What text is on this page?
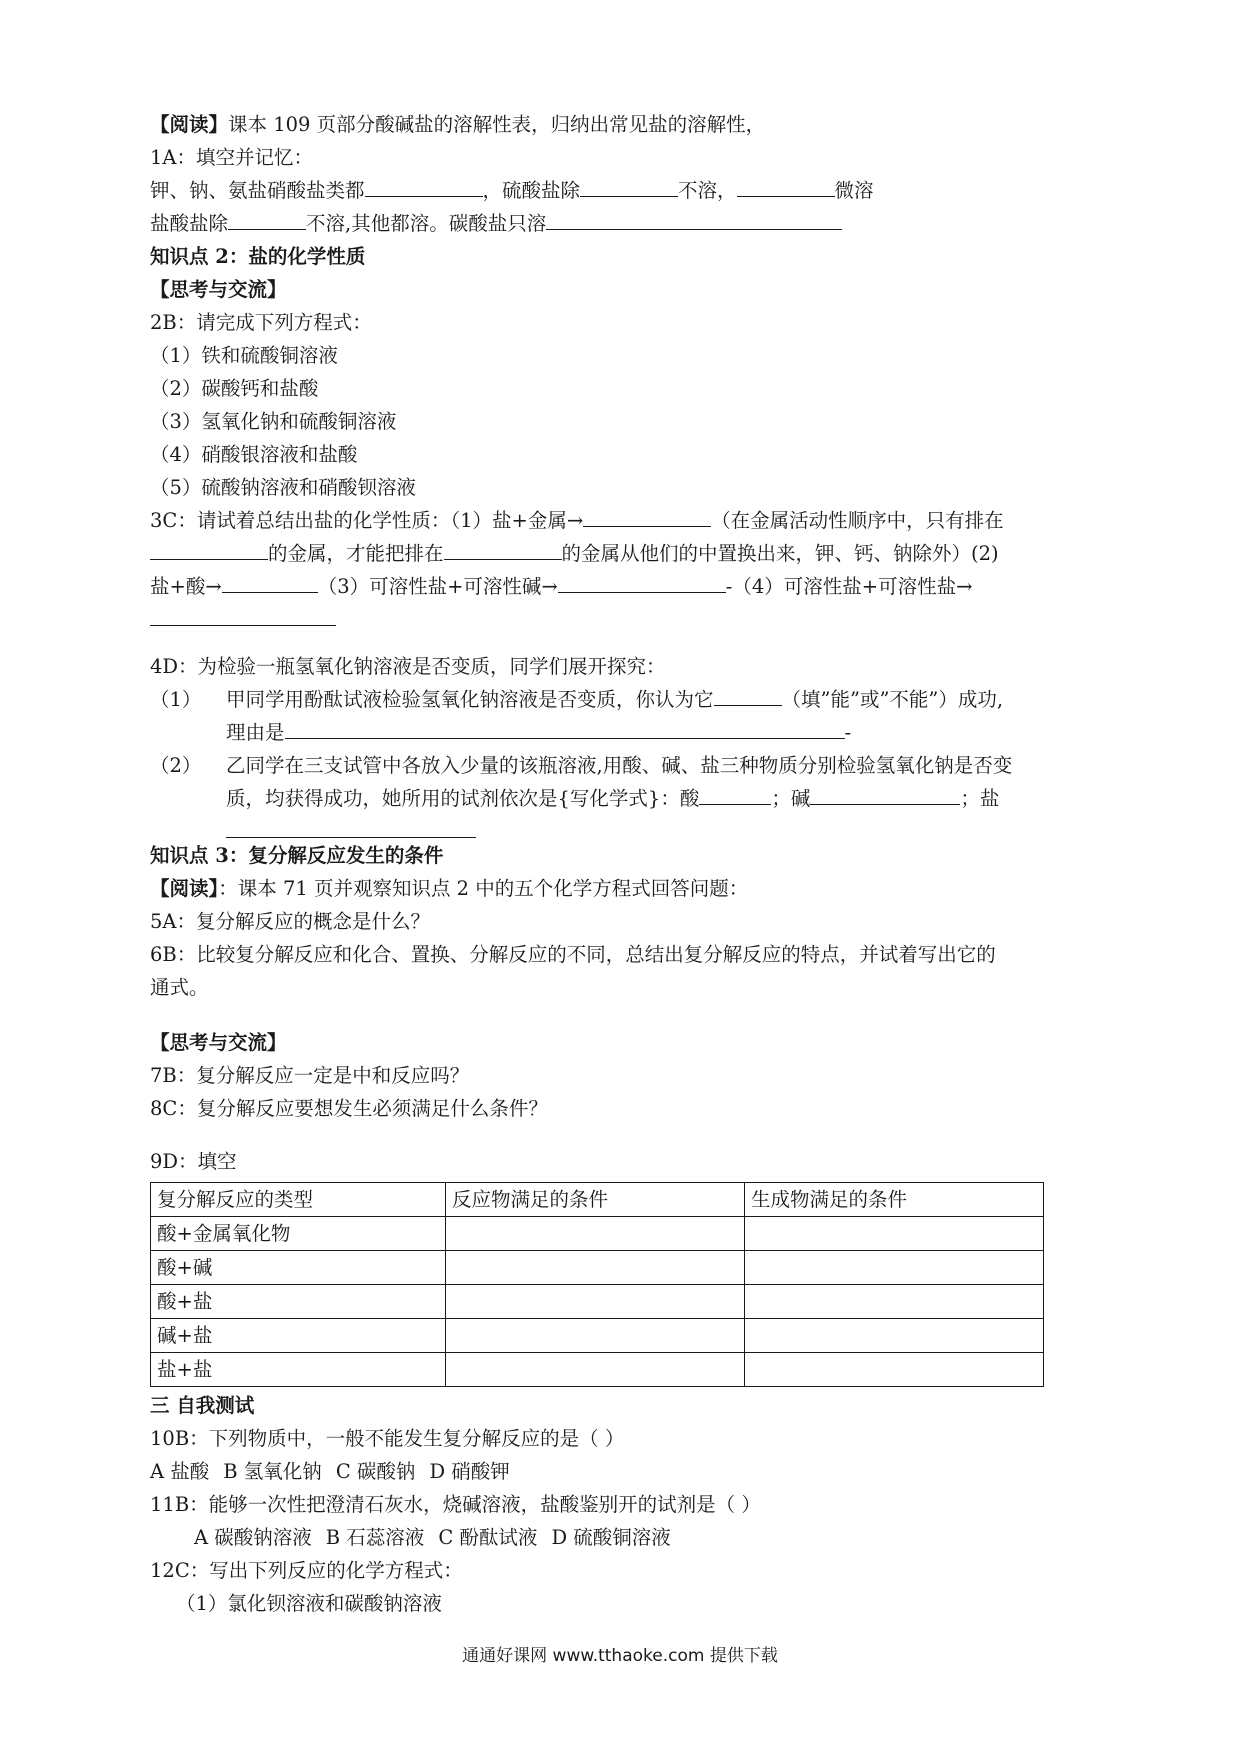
【阅读】课本 109 页部分酸碱盐的溶解性表，归纳出常见盐的溶解性，
1A：填空并记忆：
钾、钠、氨盐硝酸盐类都	，硫酸盐除	不溶，	微溶
盐酸盐除	不溶,其他都溶。碳酸盐只溶
知识点 2：盐的化学性质
【思考与交流】
2B：请完成下列方程式：
（1）铁和硫酸铜溶液
（2）碳酸钙和盐酸
（3）氢氧化钠和硫酸铜溶液
（4）硝酸银溶液和盐酸
（5）硫酸钠溶液和硝酸钡溶液
3C：请试着总结出盐的化学性质：（1）盐+金属→	（在金属活动性顺序中，只有排在
的金属，才能把排在	的金属从他们的中置换出来，钾、钙、钠除外）(2)
盐+酸→	（3）可溶性盐+可溶性碱→	-（4）可溶性盐+可溶性盐→
4D：为检验一瓶氢氧化钠溶液是否变质，同学们展开探究：
（1） 甲同学用酚酞试液检验氢氧化钠溶液是否变质，你认为它	（填”能”或”不能”）成功,
理由是	-
（2） 乙同学在三支试管中各放入少量的该瓶溶液,用酸、碱、盐三种物质分别检验氢氧化钠是否变
质，均获得成功，她所用的试剂依次是{写化学式}：酸	；碱	；盐
知识点 3：复分解反应发生的条件
【阅读】：课本 71 页并观察知识点 2 中的五个化学方程式回答问题：
5A：复分解反应的概念是什么？
6B：比较复分解反应和化合、置换、分解反应的不同，总结出复分解反应的特点，并试着写出它的
通式。
【思考与交流】
7B：复分解反应一定是中和反应吗？
8C：复分解反应要想发生必须满足什么条件？
9D：填空
复分解反应的类型	反应物满足的条件	生成物满足的条件
酸+金属氧化物		
酸+碱		
酸+盐		
碱+盐		
盐+盐		
三 自我测试
10B：下列物质中，一般不能发生复分解反应的是（ ）
A 盐酸 B 氢氧化钠 C 碳酸钠 D 硝酸钾
11B：能够一次性把澄清石灰水，烧碱溶液，盐酸鉴别开的试剂是（ ）
A 碳酸钠溶液 B 石蕊溶液 C 酚酞试液 D 硫酸铜溶液
12C：写出下列反应的化学方程式：
（1）氯化钡溶液和碳酸钠溶液
通通好课网 www.tthaoke.com 提供下载
